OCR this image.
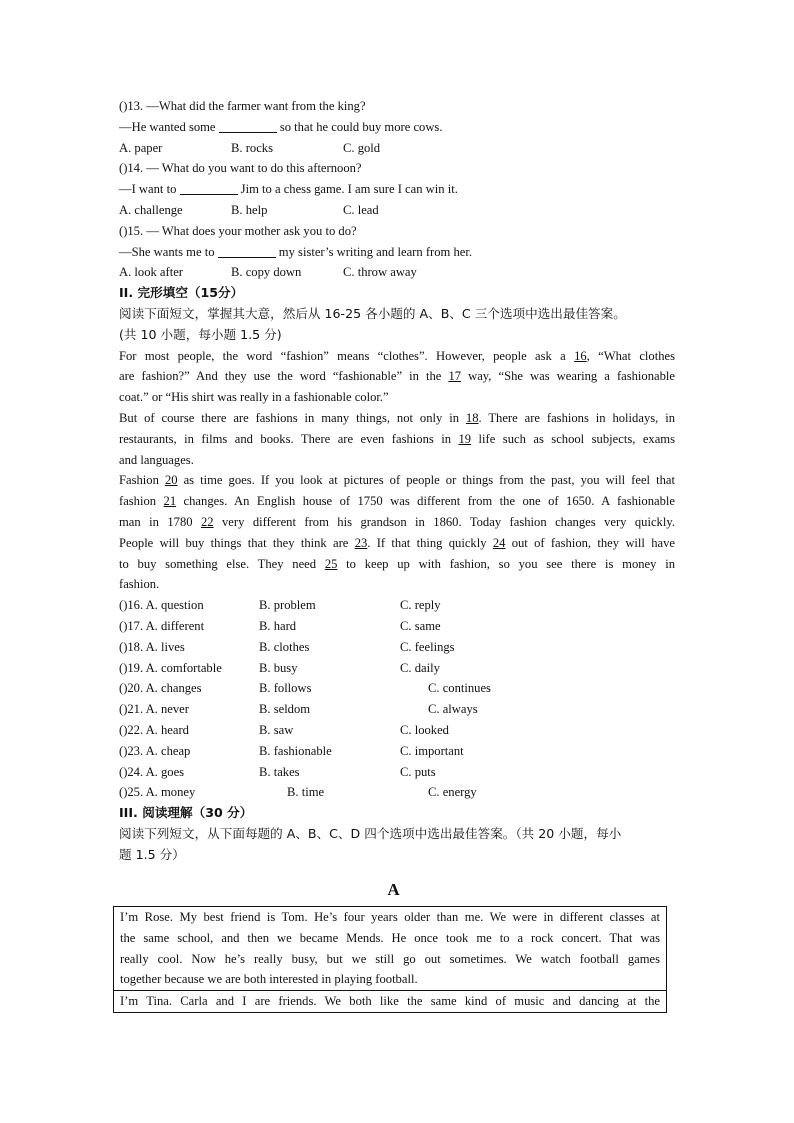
()13. —What did the farmer want from the king?
—He wanted some	so that he could buy more cows.
A. paper	B. rocks	C. gold
()14. — What do you want to do this afternoon?
—I want to	Jim to a chess game. I am sure I can win it.
A. challenge	B. help	C. lead
()15. — What does your mother ask you to do?
—She wants me to	my sister’s writing and learn from her.
A. look after	B. copy down	C. throw away
II. 完形填空（15分）
阅读下面短文，掌握其大意，然后从 16-25 各小题的 A、B、C 三个选项中选出最佳答案。
(共 10 小题，每小题 1.5 分)
For most people, the word “fashion” means “clothes”. However, people ask a 16, “What clothes
are fashion?” And they use the word “fashionable” in the 17 way, “She was wearing a fashionable
coat.” or “His shirt was really in a fashionable color.”
But of course there are fashions in many things, not only in 18. There are fashions in holidays, in
restaurants, in films and books. There are even fashions in 19 life such as school subjects, exams
and languages.
Fashion 20 as time goes. If you look at pictures of people or things from the past, you will feel that
fashion 21 changes. An English house of 1750 was different from the one of 1650. A fashionable
man in 1780 22 very different from his grandson in 1860. Today fashion changes very quickly.
People will buy things that they think are 23. If that thing quickly 24 out of fashion, they will have
to buy something else. They need 25 to keep up with fashion, so you see there is money in
fashion.
()16. A. question	B. problem	C. reply
()17. A. different	B. hard	C. same
()18. A. lives	B. clothes	C. feelings
()19. A. comfortable	B. busy	C. daily
()20. A. changes	B. follows	C. continues
()21. A. never	B. seldom	C. always
()22. A. heard	B. saw	C. looked
()23. A. cheap	B. fashionable	C. important
()24. A. goes	B. takes	C. puts
()25. A. money	B. time	C. energy
III. 阅读理解（30 分）
阅读下列短文，从下面每题的 A、B、C、D 四个选项中选出最佳答案。（共 20 小题，每小
题 1.5 分）
A
I’m Rose. My best friend is Tom. He’s four years older than me. We were in different classes at
the same school, and then we became Mends. He once took me to a rock concert. That was
really cool. Now he’s really busy, but we still go out sometimes. We watch football games
together because we are both interested in playing football.
I’m Tina. Carla and I are friends. We both like the same kind of music and dancing at the
